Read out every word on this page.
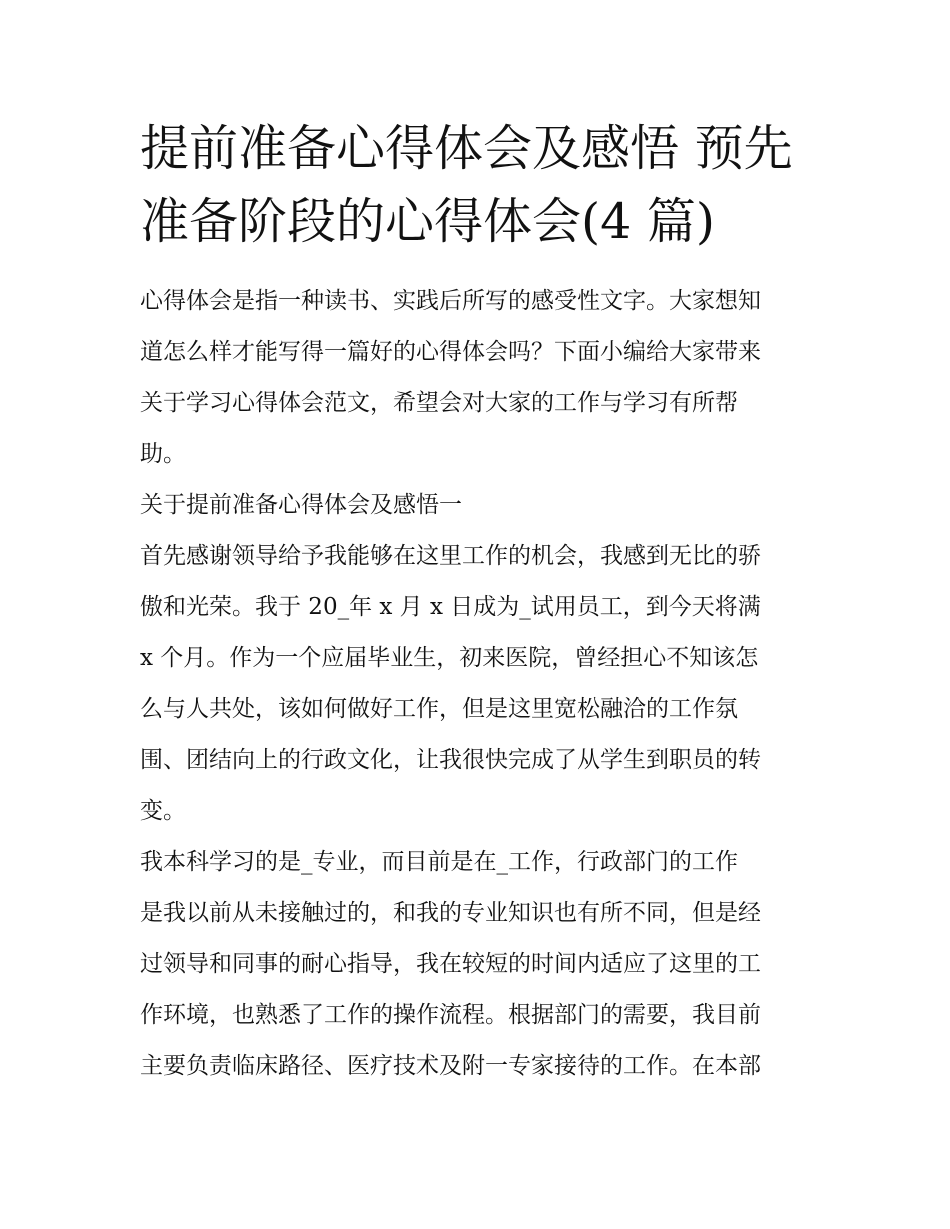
提前准备心得体会及感悟 预先
准备阶段的心得体会(4 篇)
心得体会是指一种读书、实践后所写的感受性文字。大家想知
道怎么样才能写得一篇好的心得体会吗？下面小编给大家带来
关于学习心得体会范文，希望会对大家的工作与学习有所帮
助。
关于提前准备心得体会及感悟一
首先感谢领导给予我能够在这里工作的机会，我感到无比的骄
傲和光荣。我于 20_年 x 月 x 日成为_试用员工，到今天将满
x 个月。作为一个应届毕业生，初来医院，曾经担心不知该怎
么与人共处，该如何做好工作，但是这里宽松融洽的工作氛
围、团结向上的行政文化，让我很快完成了从学生到职员的转
变。
我本科学习的是_专业，而目前是在_工作，行政部门的工作
是我以前从未接触过的，和我的专业知识也有所不同，但是经
过领导和同事的耐心指导，我在较短的时间内适应了这里的工
作环境，也熟悉了工作的操作流程。根据部门的需要，我目前
主要负责临床路径、医疗技术及附一专家接待的工作。在本部
